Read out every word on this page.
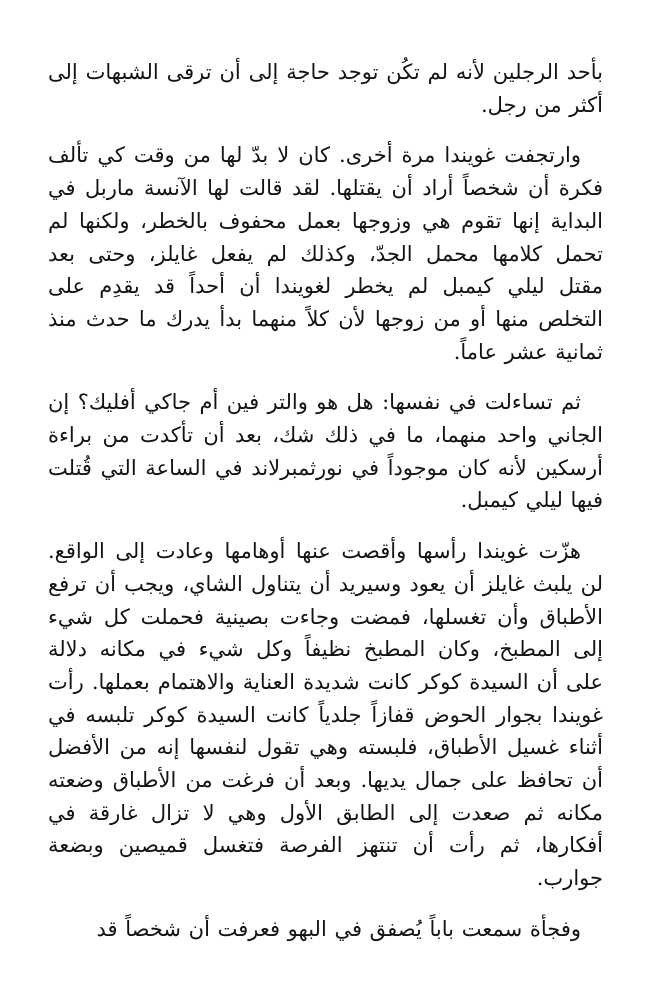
بأحد الرجلين لأنه لم تكُن توجد حاجة إلى أن ترقى الشبهات إلى أكثر من رجل.

وارتجفت غويندا مرة أخرى. كان لا بدّ لها من وقت كي تألف فكرة أن شخصاً أراد أن يقتلها. لقد قالت لها الآنسة ماربل في البداية إنها تقوم هي وزوجها بعمل محفوف بالخطر، ولكنها لم تحمل كلامها محمل الجدّ، وكذلك لم يفعل غايلز، وحتى بعد مقتل ليلي كيمبل لم يخطر لغويندا أن أحداً قد يقدِم على التخلص منها أو من زوجها لأن كلاً منهما بدأ يدرك ما حدث منذ ثمانية عشر عاماً.

ثم تساءلت في نفسها: هل هو والتر فين أم جاكي أفليك؟ إن الجاني واحد منهما، ما في ذلك شك، بعد أن تأكدت من براءة أرسكين لأنه كان موجوداً في نورثمبرلاند في الساعة التي قُتلت فيها ليلي كيمبل.

هزّت غويندا رأسها وأقصت عنها أوهامها وعادت إلى الواقع. لن يلبث غايلز أن يعود وسيريد أن يتناول الشاي، ويجب أن ترفع الأطباق وأن تغسلها، فمضت وجاءت بصينية فحملت كل شيء إلى المطبخ، وكان المطبخ نظيفاً وكل شيء في مكانه دلالة على أن السيدة كوكر كانت شديدة العناية والاهتمام بعملها. رأت غويندا بجوار الحوض قفازاً جلدياً كانت السيدة كوكر تلبسه في أثناء غسيل الأطباق، فلبسته وهي تقول لنفسها إنه من الأفضل أن تحافظ على جمال يديها. وبعد أن فرغت من الأطباق وضعته مكانه ثم صعدت إلى الطابق الأول وهي لا تزال غارقة في أفكارها، ثم رأت أن تنتهز الفرصة فتغسل قميصين وبضعة جوارب.

وفجأة سمعت باباً يُصفق في البهو فعرفت أن شخصاً قد
